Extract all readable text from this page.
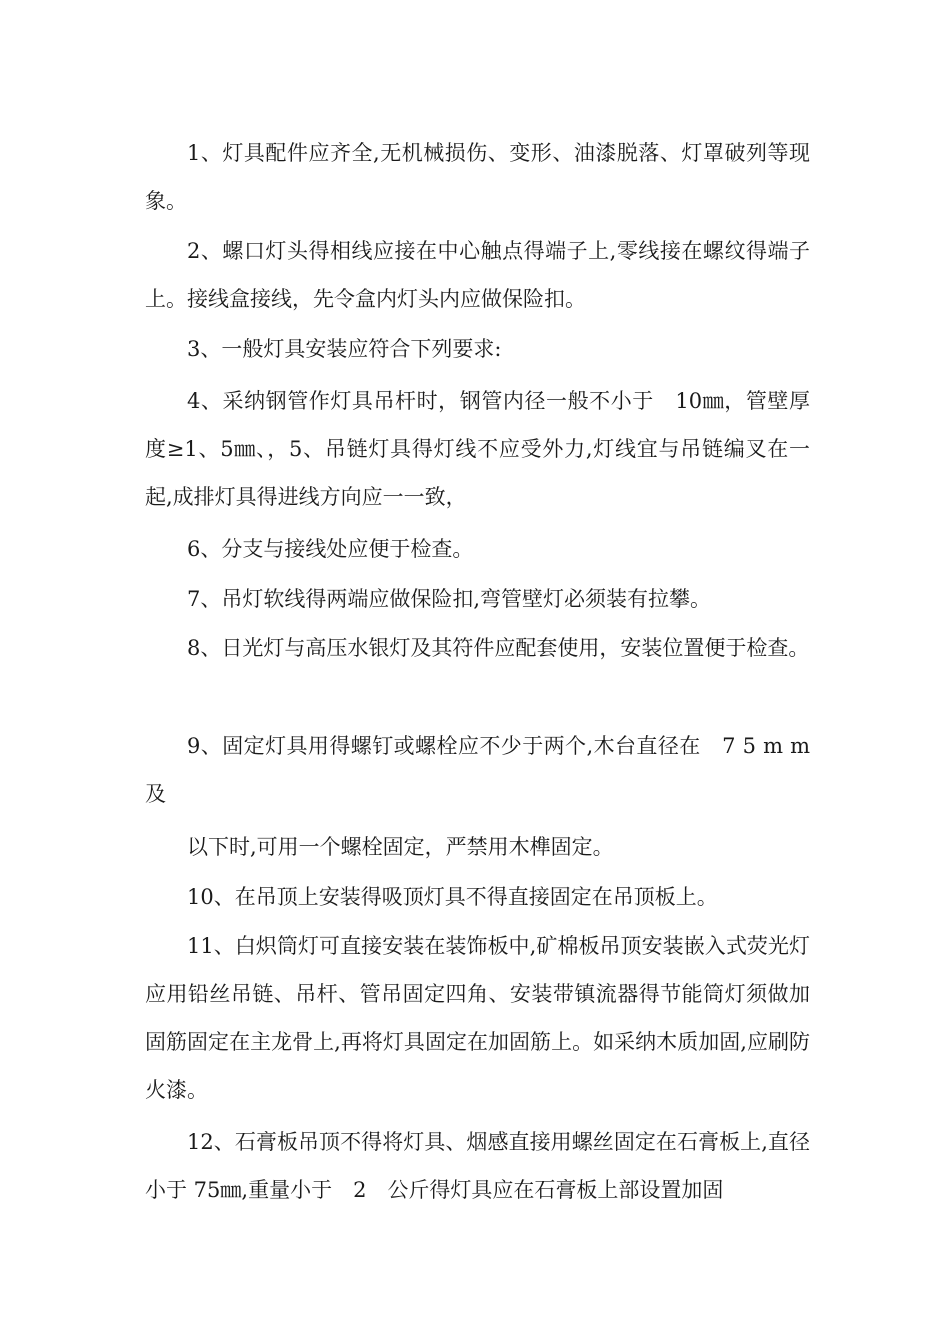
1、灯具配件应齐全,无机械损伤、变形、油漆脱落、灯罩破列等现象。

2、螺口灯头得相线应接在中心触点得端子上,零线接在螺纹得端子上。接线盒接线，先令盒内灯头内应做保险扣。

3、一般灯具安装应符合下列要求:

4、采纳钢管作灯具吊杆时，钢管内径一般不小于　10㎜，管壁厚度≥1、5㎜、，5、吊链灯具得灯线不应受外力,灯线宜与吊链编叉在一起,成排灯具得进线方向应一一致，

6、分支与接线处应便于检查。

7、吊灯软线得两端应做保险扣,弯管壁灯必须装有拉攀。

8、日光灯与高压水银灯及其符件应配套使用，安装位置便于检查。

9、固定灯具用得螺钉或螺栓应不少于两个,木台直径在　7 5 m m 及

以下时,可用一个螺栓固定，严禁用木榫固定。

10、在吊顶上安装得吸顶灯具不得直接固定在吊顶板上。

11、白炽筒灯可直接安装在装饰板中,矿棉板吊顶安装嵌入式荧光灯应用铅丝吊链、吊杆、管吊固定四角、安装带镇流器得节能筒灯须做加固筋固定在主龙骨上,再将灯具固定在加固筋上。如采纳木质加固,应刷防火漆。

12、石膏板吊顶不得将灯具、烟感直接用螺丝固定在石膏板上,直径小于 75㎜,重量小于　2　公斤得灯具应在石膏板上部设置加固
